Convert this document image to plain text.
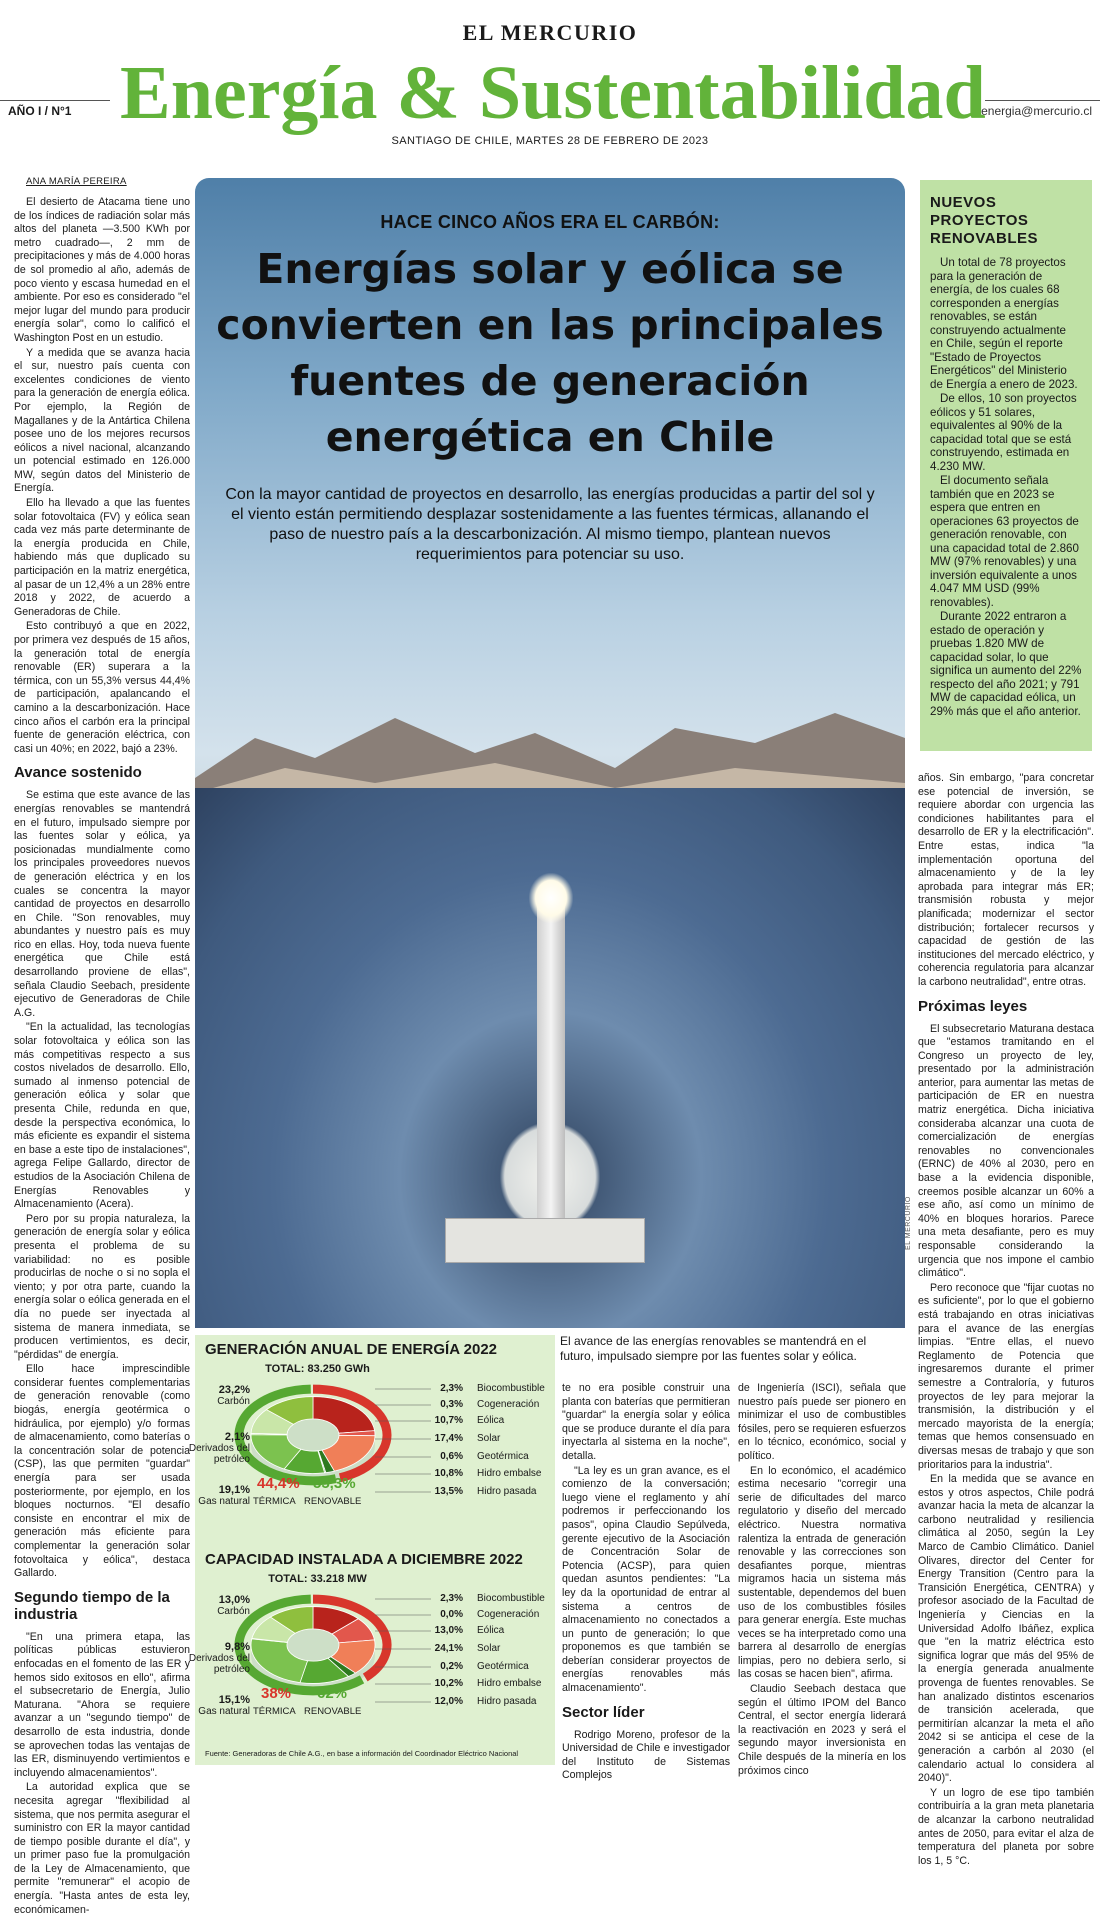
EL MERCURIO
Energía & Sustentabilidad
AÑO I / N°1	energia@mercurio.cl
SANTIAGO DE CHILE, MARTES 28 DE FEBRERO DE 2023
ANA MARÍA PEREIRA

El desierto de Atacama tiene uno de los índices de radiación solar más altos del planeta —3.500 KWh por metro cuadrado—, 2 mm de precipitaciones y más de 4.000 horas de sol promedio al año, además de poco viento y escasa humedad en el ambiente. Por eso es considerado "el mejor lugar del mundo para producir energía solar", como lo calificó el Washington Post en un estudio.

Y a medida que se avanza hacia el sur, nuestro país cuenta con excelentes condiciones de viento para la generación de energía eólica. Por ejemplo, la Región de Magallanes y de la Antártica Chilena posee uno de los mejores recursos eólicos a nivel nacional, alcanzando un potencial estimado en 126.000 MW, según datos del Ministerio de Energía.

Ello ha llevado a que las fuentes solar fotovoltaica (FV) y eólica sean cada vez más parte determinante de la energía producida en Chile, habiendo más que duplicado su participación en la matriz energética, al pasar de un 12,4% a un 28% entre 2018 y 2022, de acuerdo a Generadoras de Chile.

Esto contribuyó a que en 2022, por primera vez después de 15 años, la generación total de energía renovable (ER) superara a la térmica, con un 55,3% versus 44,4% de participación, apalancando el camino a la descarbonización. Hace cinco años el carbón era la principal fuente de generación eléctrica, con casi un 40%; en 2022, bajó a 23%.

Avance sostenido

Se estima que este avance de las energías renovables se mantendrá en el futuro, impulsado siempre por las fuentes solar y eólica, ya posicionadas mundialmente como los principales proveedores nuevos de generación eléctrica y en los cuales se concentra la mayor cantidad de proyectos en desarrollo en Chile. "Son renovables, muy abundantes y nuestro país es muy rico en ellas. Hoy, toda nueva fuente energética que Chile está desarrollando proviene de ellas", señala Claudio Seebach, presidente ejecutivo de Generadoras de Chile A.G.

"En la actualidad, las tecnologías solar fotovoltaica y eólica son las más competitivas respecto a sus costos nivelados de desarrollo. Ello, sumado al inmenso potencial de generación eólica y solar que presenta Chile, redunda en que, desde la perspectiva económica, lo más eficiente es expandir el sistema en base a este tipo de instalaciones", agrega Felipe Gallardo, director de estudios de la Asociación Chilena de Energías Renovables y Almacenamiento (Acera).

Pero por su propia naturaleza, la generación de energía solar y eólica presenta el problema de su variabilidad: no es posible producirlas de noche o si no sopla el viento; y por otra parte, cuando la energía solar o eólica generada en el día no puede ser inyectada al sistema de manera inmediata, se producen vertimientos, es decir, "pérdidas" de energía.

Ello hace imprescindible considerar fuentes complementarias de generación renovable (como biogás, energía geotérmica o hidráulica, por ejemplo) y/o formas de almacenamiento, como baterías o la concentración solar de potencia (CSP), las que permiten "guardar" energía para ser usada posteriormente, por ejemplo, en los bloques nocturnos. "El desafío consiste en encontrar el mix de generación más eficiente para complementar la generación solar fotovoltaica y eólica", destaca Gallardo.

Segundo tiempo de la industria

"En una primera etapa, las políticas públicas estuvieron enfocadas en el fomento de las ER y hemos sido exitosos en ello", afirma el subsecretario de Energía, Julio Maturana. "Ahora se requiere avanzar a un "segundo tiempo" de desarrollo de esta industria, donde se aprovechen todas las ventajas de las ER, disminuyendo vertimientos e incluyendo almacenamientos".

La autoridad explica que se necesita agregar "flexibilidad al sistema, que nos permita asegurar el suministro con ER la mayor cantidad de tiempo posible durante el día", y un primer paso fue la promulgación de la Ley de Almacenamiento, que permite "remunerar" el acopio de energía. "Hasta antes de esta ley, económicamen-

HACE CINCO AÑOS ERA EL CARBÓN:
Energías solar y eólica se convierten en las principales fuentes de generación energética en Chile
Con la mayor cantidad de proyectos en desarrollo, las energías producidas a partir del sol y el viento están permitiendo desplazar sostenidamente a las fuentes térmicas, allanando el paso de nuestro país a la descarbonización. Al mismo tiempo, plantean nuevos requerimientos para potenciar su uso.
EL MERCURIO
NUEVOS PROYECTOS RENOVABLES

Un total de 78 proyectos para la generación de energía, de los cuales 68 corresponden a energías renovables, se están construyendo actualmente en Chile, según el reporte "Estado de Proyectos Energéticos" del Ministerio de Energía a enero de 2023.

De ellos, 10 son proyectos eólicos y 51 solares, equivalentes al 90% de la capacidad total que se está construyendo, estimada en 4.230 MW.

El documento señala también que en 2023 se espera que entren en operaciones 63 proyectos de generación renovable, con una capacidad total de 2.860 MW (97% renovables) y una inversión equivalente a unos 4.047 MM USD (99% renovables).

Durante 2022 entraron a estado de operación y pruebas 1.820 MW de capacidad solar, lo que significa un aumento del 22% respecto del año 2021; y 791 MW de capacidad eólica, un 29% más que el año anterior.

años. Sin embargo, "para concretar ese potencial de inversión, se requiere abordar con urgencia las condiciones habilitantes para el desarrollo de ER y la electrificación". Entre estas, indica "la implementación oportuna del almacenamiento y de la ley aprobada para integrar más ER; transmisión robusta y mejor planificada; modernizar el sector distribución; fortalecer recursos y capacidad de gestión de las instituciones del mercado eléctrico, y coherencia regulatoria para alcanzar la carbono neutralidad", entre otras.

Próximas leyes

El subsecretario Maturana destaca que "estamos tramitando en el Congreso un proyecto de ley, presentado por la administración anterior, para aumentar las metas de participación de ER en nuestra matriz energética. Dicha iniciativa consideraba alcanzar una cuota de comercialización de energías renovables no convencionales (ERNC) de 40% al 2030, pero en base a la evidencia disponible, creemos posible alcanzar un 60% a ese año, así como un mínimo de 40% en bloques horarios. Parece una meta desafiante, pero es muy responsable considerando la urgencia que nos impone el cambio climático".

Pero reconoce que "fijar cuotas no es suficiente", por lo que el gobierno está trabajando en otras iniciativas para el avance de las energías limpias. "Entre ellas, el nuevo Reglamento de Potencia que ingresaremos durante el primer semestre a Contraloría, y futuros proyectos de ley para mejorar la transmisión, la distribución y el mercado mayorista de la energía; temas que hemos consensuado en diversas mesas de trabajo y que son prioritarios para la industria".

En la medida que se avance en estos y otros aspectos, Chile podrá avanzar hacia la meta de alcanzar la carbono neutralidad y resiliencia climática al 2050, según la Ley Marco de Cambio Climático. Daniel Olivares, director del Center for Energy Transition (Centro para la Transición Energética, CENTRA) y profesor asociado de la Facultad de Ingeniería y Ciencias en la Universidad Adolfo Ibáñez, explica que "en la matriz eléctrica esto significa lograr que más del 95% de la energía generada anualmente provenga de fuentes renovables. Se han analizado distintos escenarios de transición acelerada, que permitirían alcanzar la meta el año 2042 si se anticipa el cese de la generación a carbón al 2030 (el calendario actual lo considera al 2040)".

Y un logro de ese tipo también contribuiría a la gran meta planetaria de alcanzar la carbono neutralidad antes de 2050, para evitar el alza de temperatura del planeta por sobre los 1, 5 °C.

El avance de las energías renovables se mantendrá en el futuro, impulsado siempre por las fuentes solar y eólica.

te no era posible construir una planta con baterías que permitieran "guardar" la energía solar y eólica que se produce durante el día para inyectarla al sistema en la noche", detalla.

"La ley es un gran avance, es el comienzo de la conversación; luego viene el reglamento y ahí podremos ir perfeccionando los pasos", opina Claudio Sepúlveda, gerente ejecutivo de la Asociación de Concentración Solar de Potencia (ACSP), para quien quedan asuntos pendientes: "La ley da la oportunidad de entrar al sistema a centros de almacenamiento no conectados a un punto de generación; lo que proponemos es que también se deberían considerar proyectos de energías renovables más almacenamiento".

Sector líder

Rodrigo Moreno, profesor de la Universidad de Chile e investigador del Instituto de Sistemas Complejos

de Ingeniería (ISCI), señala que nuestro país puede ser pionero en minimizar el uso de combustibles fósiles, pero se requieren esfuerzos en lo técnico, económico, social y político.

En lo económico, el académico estima necesario "corregir una serie de dificultades del marco regulatorio y diseño del mercado eléctrico. Nuestra normativa ralentiza la entrada de generación renovable y las correcciones son desafiantes porque, mientras migramos hacia un sistema más sustentable, dependemos del buen uso de los combustibles fósiles para generar energía. Este muchas veces se ha interpretado como una barrera al desarrollo de energías limpias, pero no debiera serlo, si las cosas se hacen bien", afirma.

Claudio Seebach destaca que según el último IPOM del Banco Central, el sector energía liderará la reactivación en 2023 y será el segundo mayor inversionista en Chile después de la minería en los próximos cinco

GENERACIÓN ANUAL DE ENERGÍA 2022
TOTAL: 83.250 GWh
23,2%
Carbón
2,1%
Derivados del petróleo
19,1%
Gas natural
44,4% 55,3%
TÉRMICA RENOVABLE
2,3% Biocombustible
0,3% Cogeneración
10,7% Eólica
17,4% Solar
0,6% Geotérmica
10,8% Hidro embalse
13,5% Hidro pasada
CAPACIDAD INSTALADA A DICIEMBRE 2022
TOTAL: 33.218 MW
13,0%
Carbón
9,8%
Derivados del petróleo
15,1%
Gas natural
38% 62%
TÉRMICA RENOVABLE
2,3% Biocombustible
0,0% Cogeneración
13,0% Eólica
24,1% Solar
0,2% Geotérmica
10,2% Hidro embalse
12,0% Hidro pasada
Fuente: Generadoras de Chile A.G., en base a información del Coordinador Eléctrico Nacional
